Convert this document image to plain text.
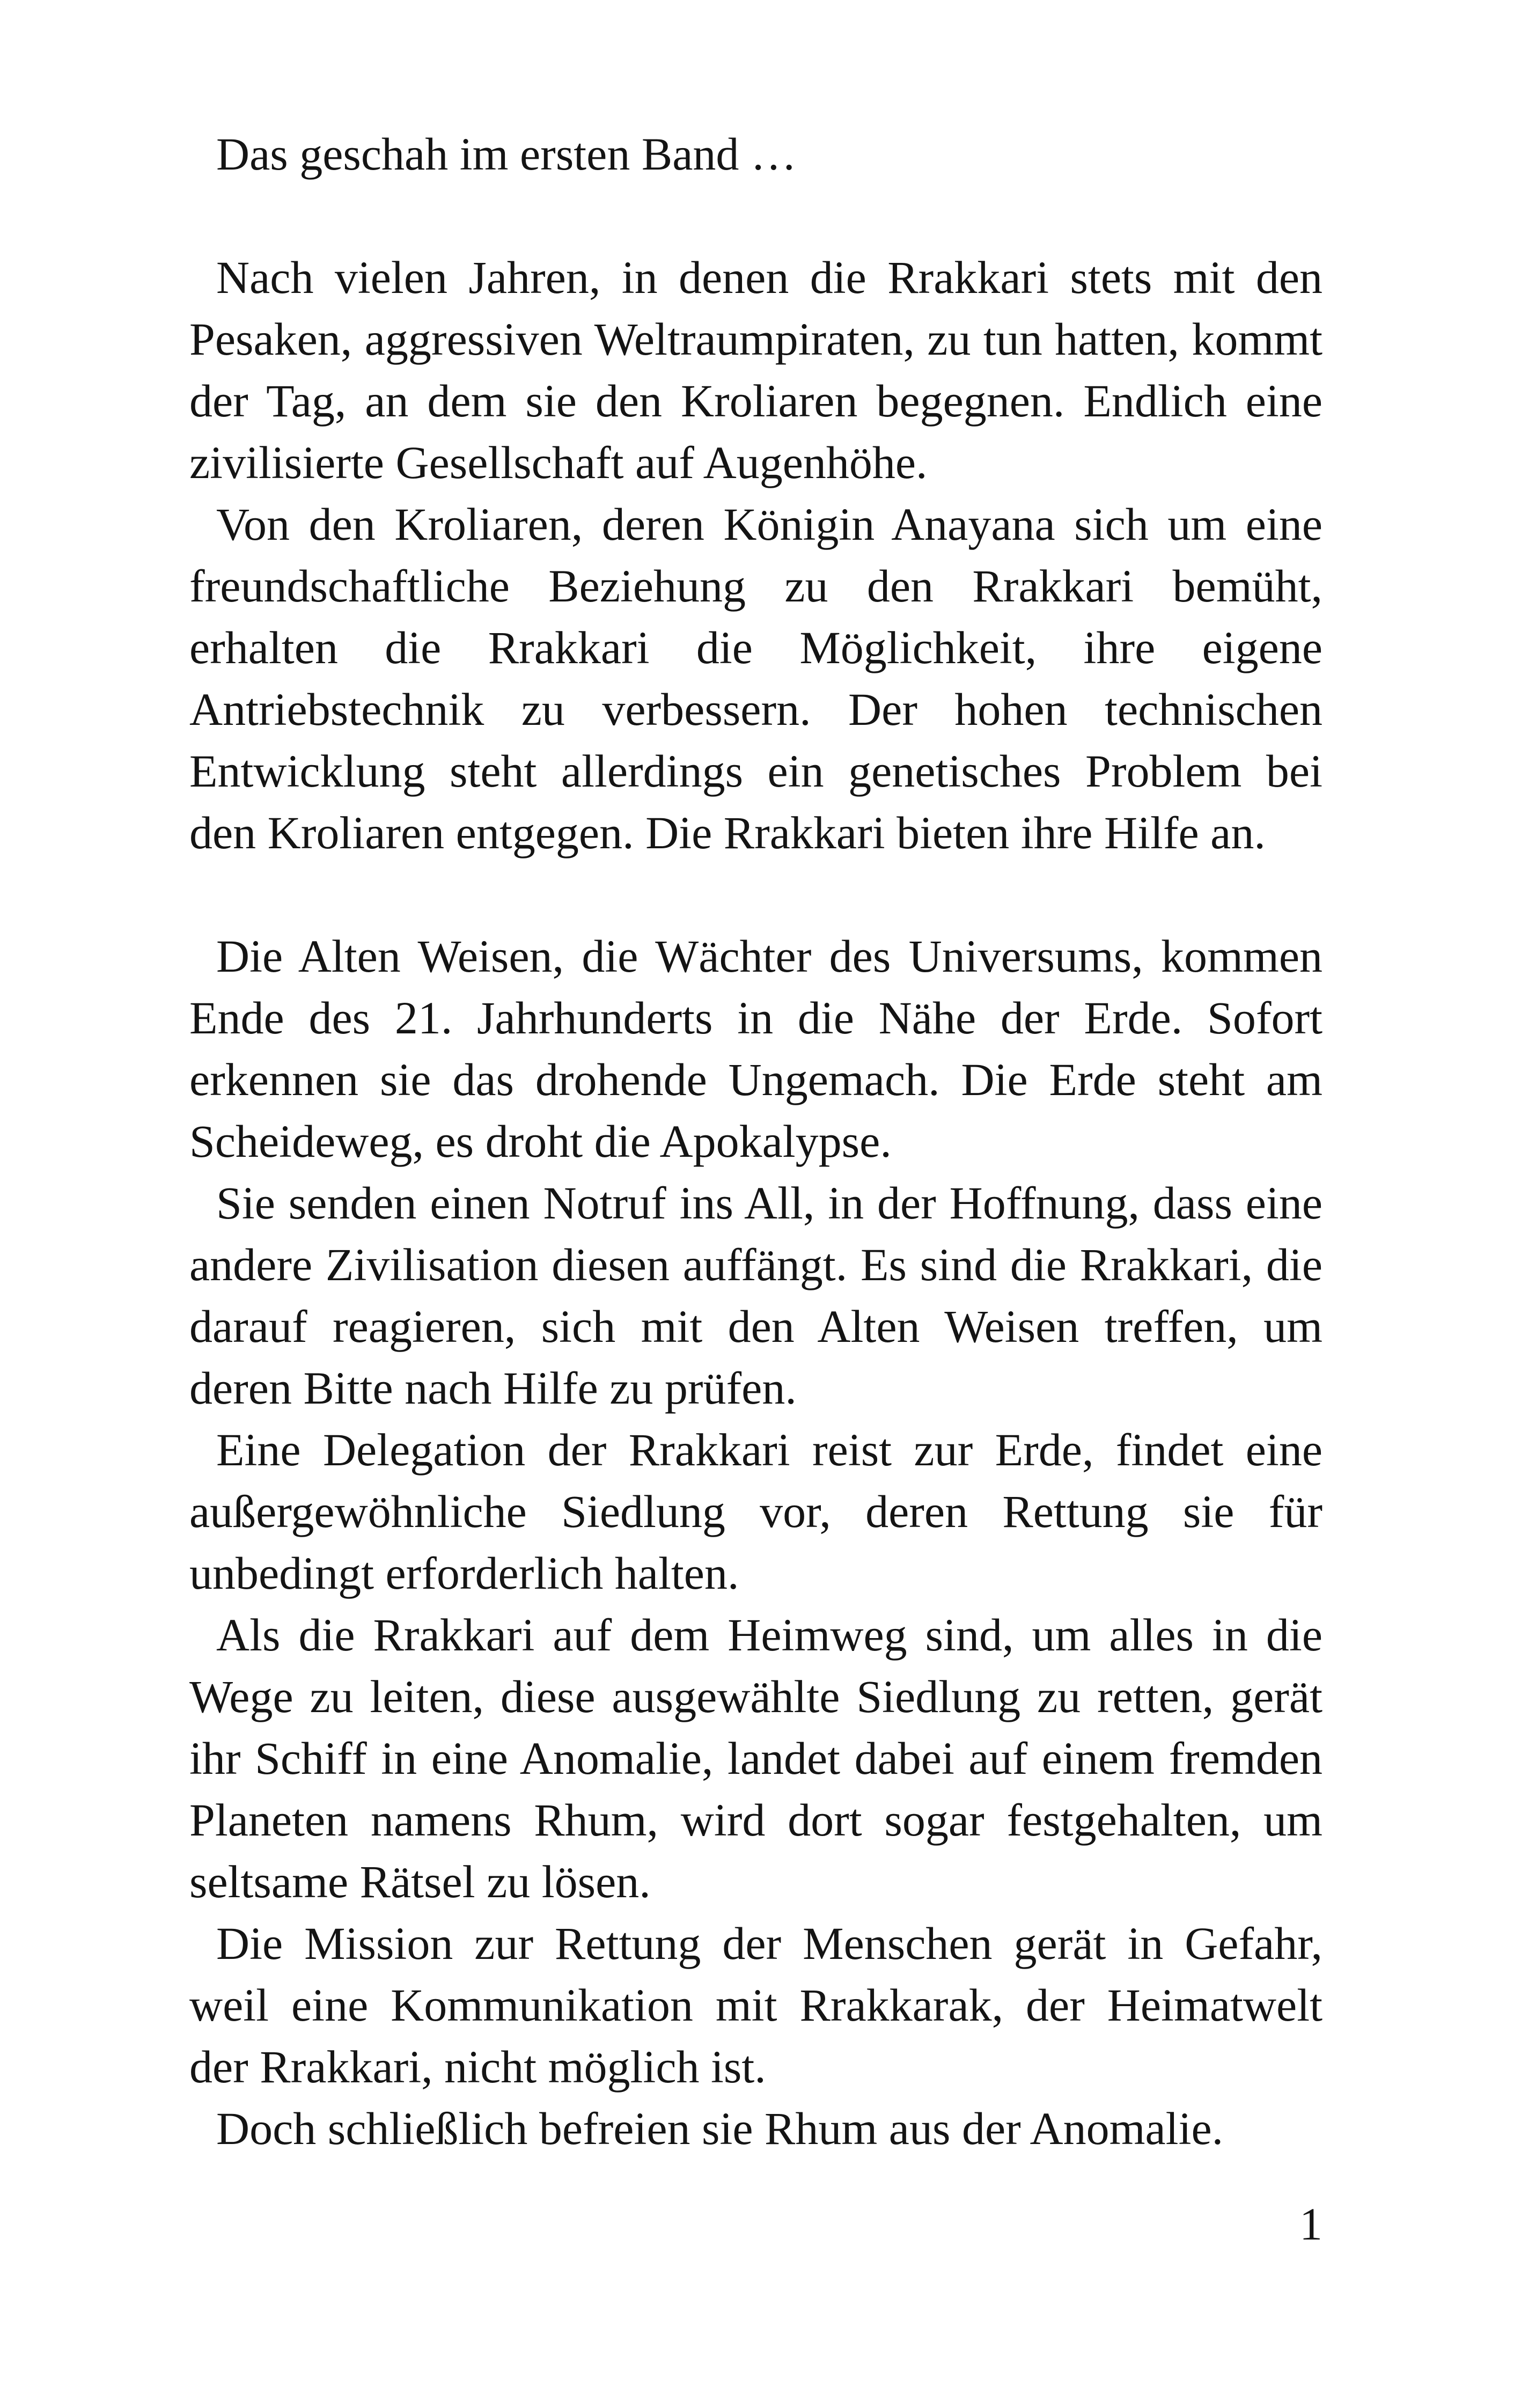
Das geschah im ersten Band …

Nach vielen Jahren, in denen die Rrakkari stets mit den Pesaken, aggressiven Weltraumpiraten, zu tun hatten, kommt der Tag, an dem sie den Kroliaren begegnen. Endlich eine zivilisierte Gesellschaft auf Augenhöhe.

Von den Kroliaren, deren Königin Anayana sich um eine freundschaftliche Beziehung zu den Rrakkari bemüht, erhalten die Rrakkari die Möglichkeit, ihre eigene Antriebstechnik zu verbessern. Der hohen technischen Entwicklung steht allerdings ein genetisches Problem bei den Kroliaren entgegen. Die Rrakkari bieten ihre Hilfe an.

Die Alten Weisen, die Wächter des Universums, kommen Ende des 21. Jahrhunderts in die Nähe der Erde. Sofort erkennen sie das drohende Ungemach. Die Erde steht am Scheideweg, es droht die Apokalypse.

Sie senden einen Notruf ins All, in der Hoffnung, dass eine andere Zivilisation diesen auffängt. Es sind die Rrakkari, die darauf reagieren, sich mit den Alten Weisen treffen, um deren Bitte nach Hilfe zu prüfen.

Eine Delegation der Rrakkari reist zur Erde, findet eine außergewöhnliche Siedlung vor, deren Rettung sie für unbedingt erforderlich halten.

Als die Rrakkari auf dem Heimweg sind, um alles in die Wege zu leiten, diese ausgewählte Siedlung zu retten, gerät ihr Schiff in eine Anomalie, landet dabei auf einem fremden Planeten namens Rhum, wird dort sogar festgehalten, um seltsame Rätsel zu lösen.

Die Mission zur Rettung der Menschen gerät in Gefahr, weil eine Kommunikation mit Rrakkarak, der Heimatwelt der Rrakkari, nicht möglich ist.

Doch schließlich befreien sie Rhum aus der Anomalie.

1
